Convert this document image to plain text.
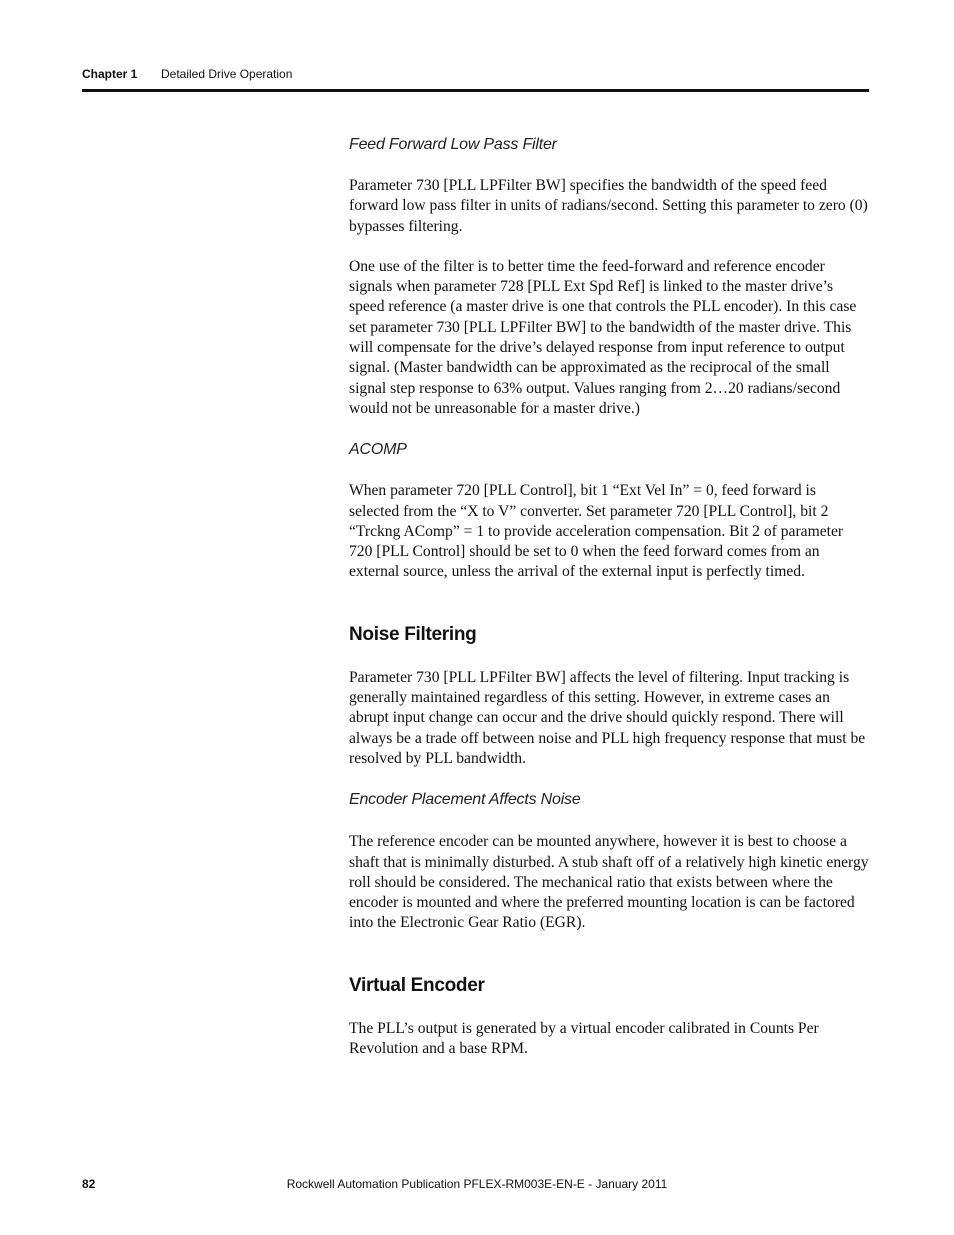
Chapter 1 Detailed Drive Operation

Feed Forward Low Pass Filter

Parameter 730 [PLL LPFilter BW] specifies the bandwidth of the speed feed forward low pass filter in units of radians/second. Setting this parameter to zero (0) bypasses filtering.

One use of the filter is to better time the feed-forward and reference encoder signals when parameter 728 [PLL Ext Spd Ref] is linked to the master drive’s speed reference (a master drive is one that controls the PLL encoder). In this case set parameter 730 [PLL LPFilter BW] to the bandwidth of the master drive. This will compensate for the drive’s delayed response from input reference to output signal. (Master bandwidth can be approximated as the reciprocal of the small signal step response to 63% output. Values ranging from 2…20 radians/second would not be unreasonable for a master drive.)

ACOMP

When parameter 720 [PLL Control], bit 1 “Ext Vel In” = 0, feed forward is selected from the “X to V” converter. Set parameter 720 [PLL Control], bit 2 “Trckng AComp” = 1 to provide acceleration compensation. Bit 2 of parameter 720 [PLL Control] should be set to 0 when the feed forward comes from an external source, unless the arrival of the external input is perfectly timed.

Noise Filtering

Parameter 730 [PLL LPFilter BW] affects the level of filtering. Input tracking is generally maintained regardless of this setting. However, in extreme cases an abrupt input change can occur and the drive should quickly respond. There will always be a trade off between noise and PLL high frequency response that must be resolved by PLL bandwidth.

Encoder Placement Affects Noise

The reference encoder can be mounted anywhere, however it is best to choose a shaft that is minimally disturbed. A stub shaft off of a relatively high kinetic energy roll should be considered. The mechanical ratio that exists between where the encoder is mounted and where the preferred mounting location is can be factored into the Electronic Gear Ratio (EGR).

Virtual Encoder

The PLL’s output is generated by a virtual encoder calibrated in Counts Per Revolution and a base RPM.

82	Rockwell Automation Publication PFLEX-RM003E-EN-E - January 2011
